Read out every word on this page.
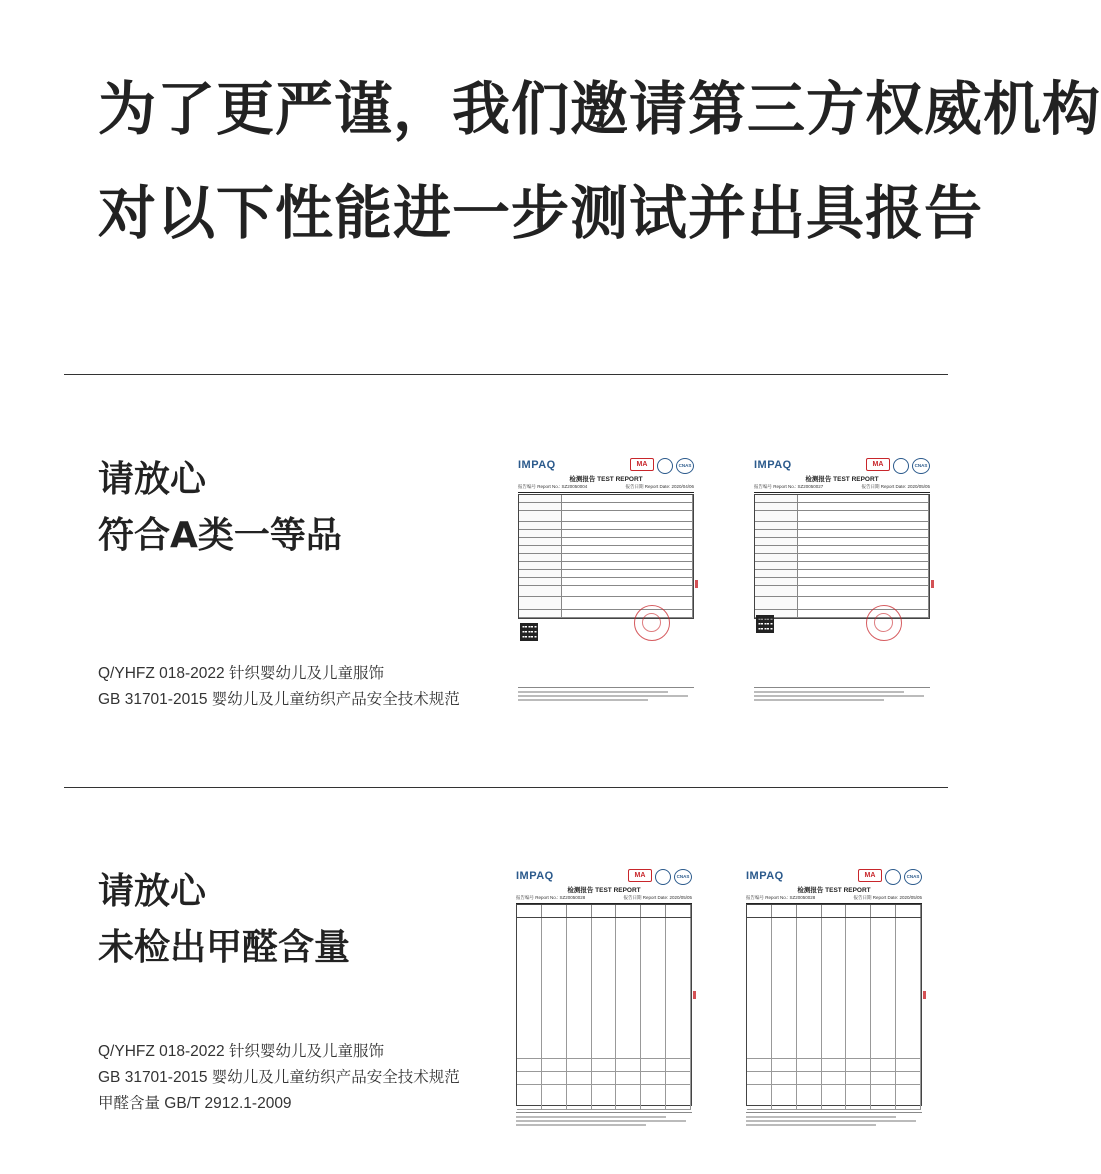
为了更严谨，我们邀请第三方权威机构
对以下性能进一步测试并出具报告
请放心
符合A类一等品
Q/YHFZ 018-2022 针织婴幼儿及儿童服饰
GB 31701-2015 婴幼儿及儿童纺织产品安全技术规范
IMPAQ	MA	CNAS
检测报告 TEST REPORT
报告编号 Report No.: SZ20050004	报告日期 Report Date: 2020/04/06
IMPAQ	MA	CNAS
检测报告 TEST REPORT
报告编号 Report No.: SZ20050027	报告日期 Report Date: 2020/05/05
请放心
未检出甲醛含量
Q/YHFZ 018-2022 针织婴幼儿及儿童服饰
GB 31701-2015 婴幼儿及儿童纺织产品安全技术规范
甲醛含量 GB/T 2912.1-2009
IMPAQ	MA	CNAS
检测报告 TEST REPORT
报告编号 Report No.: SZ20050028	报告日期 Report Date: 2020/05/05
IMPAQ	MA	CNAS
检测报告 TEST REPORT
报告编号 Report No.: SZ20050028	报告日期 Report Date: 2020/05/05
